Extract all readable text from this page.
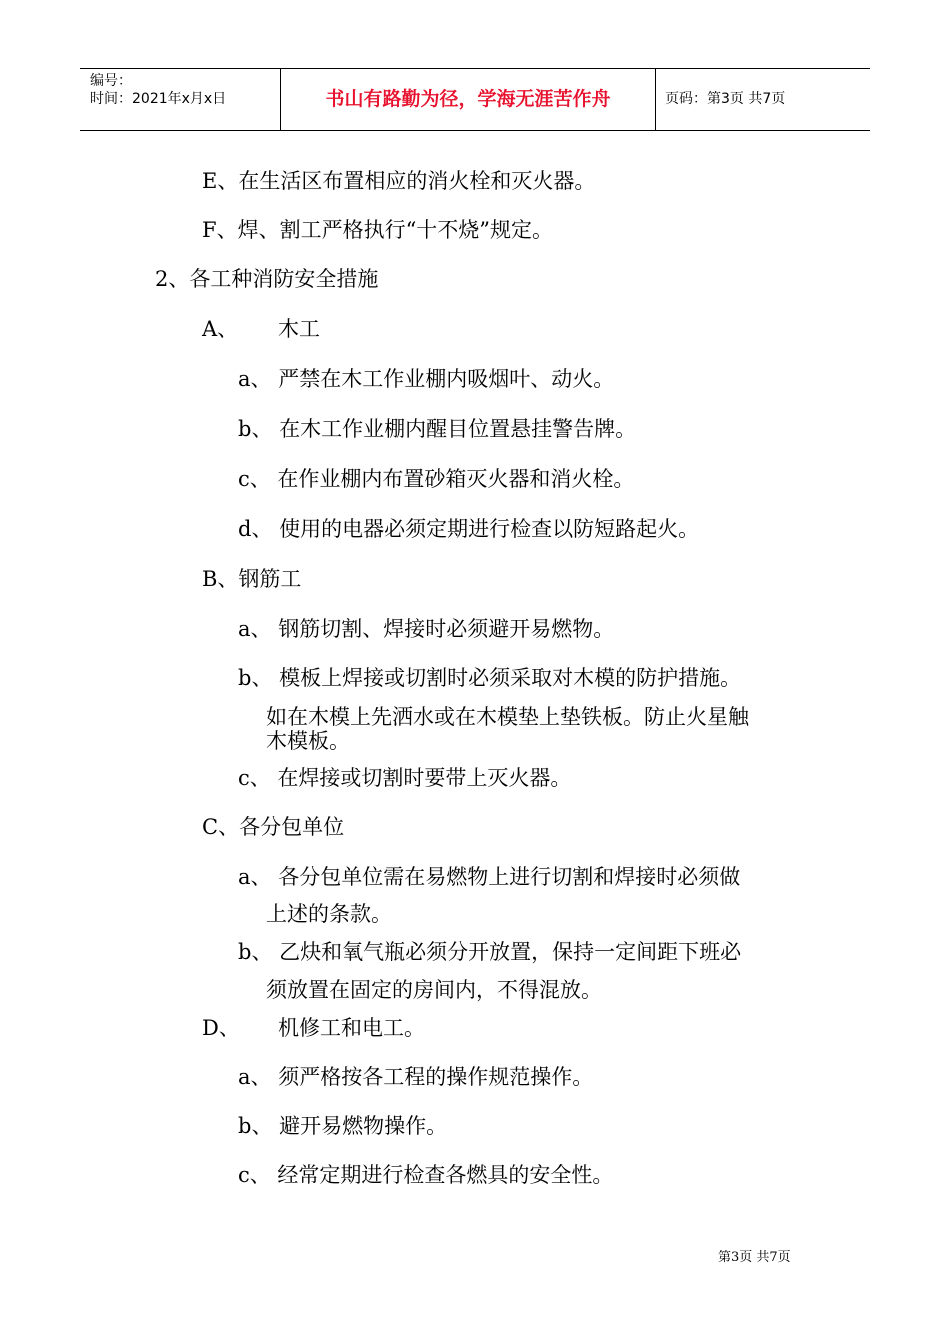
编号：
时间：2021年x月x日	书山有路勤为径，学海无涯苦作舟	页码：第3页 共7页
E、在生活区布置相应的消火栓和灭火器。
F、焊、割工严格执行“十不烧”规定。
2、各工种消防安全措施
A、 木工
a、 严禁在木工作业棚内吸烟叶、动火。
b、 在木工作业棚内醒目位置悬挂警告牌。
c、 在作业棚内布置砂箱灭火器和消火栓。
d、 使用的电器必须定期进行检查以防短路起火。
B、钢筋工
a、 钢筋切割、焊接时必须避开易燃物。
b、 模板上焊接或切割时必须采取对木模的防护措施。
如在木模上先洒水或在木模垫上垫铁板。防止火星触
木模板。
c、 在焊接或切割时要带上灭火器。
C、各分包单位
a、 各分包单位需在易燃物上进行切割和焊接时必须做
上述的条款。
b、 乙炔和氧气瓶必须分开放置，保持一定间距下班必
须放置在固定的房间内，不得混放。
D、 机修工和电工。
a、 须严格按各工程的操作规范操作。
b、 避开易燃物操作。
c、 经常定期进行检查各燃具的安全性。
第3页 共7页
